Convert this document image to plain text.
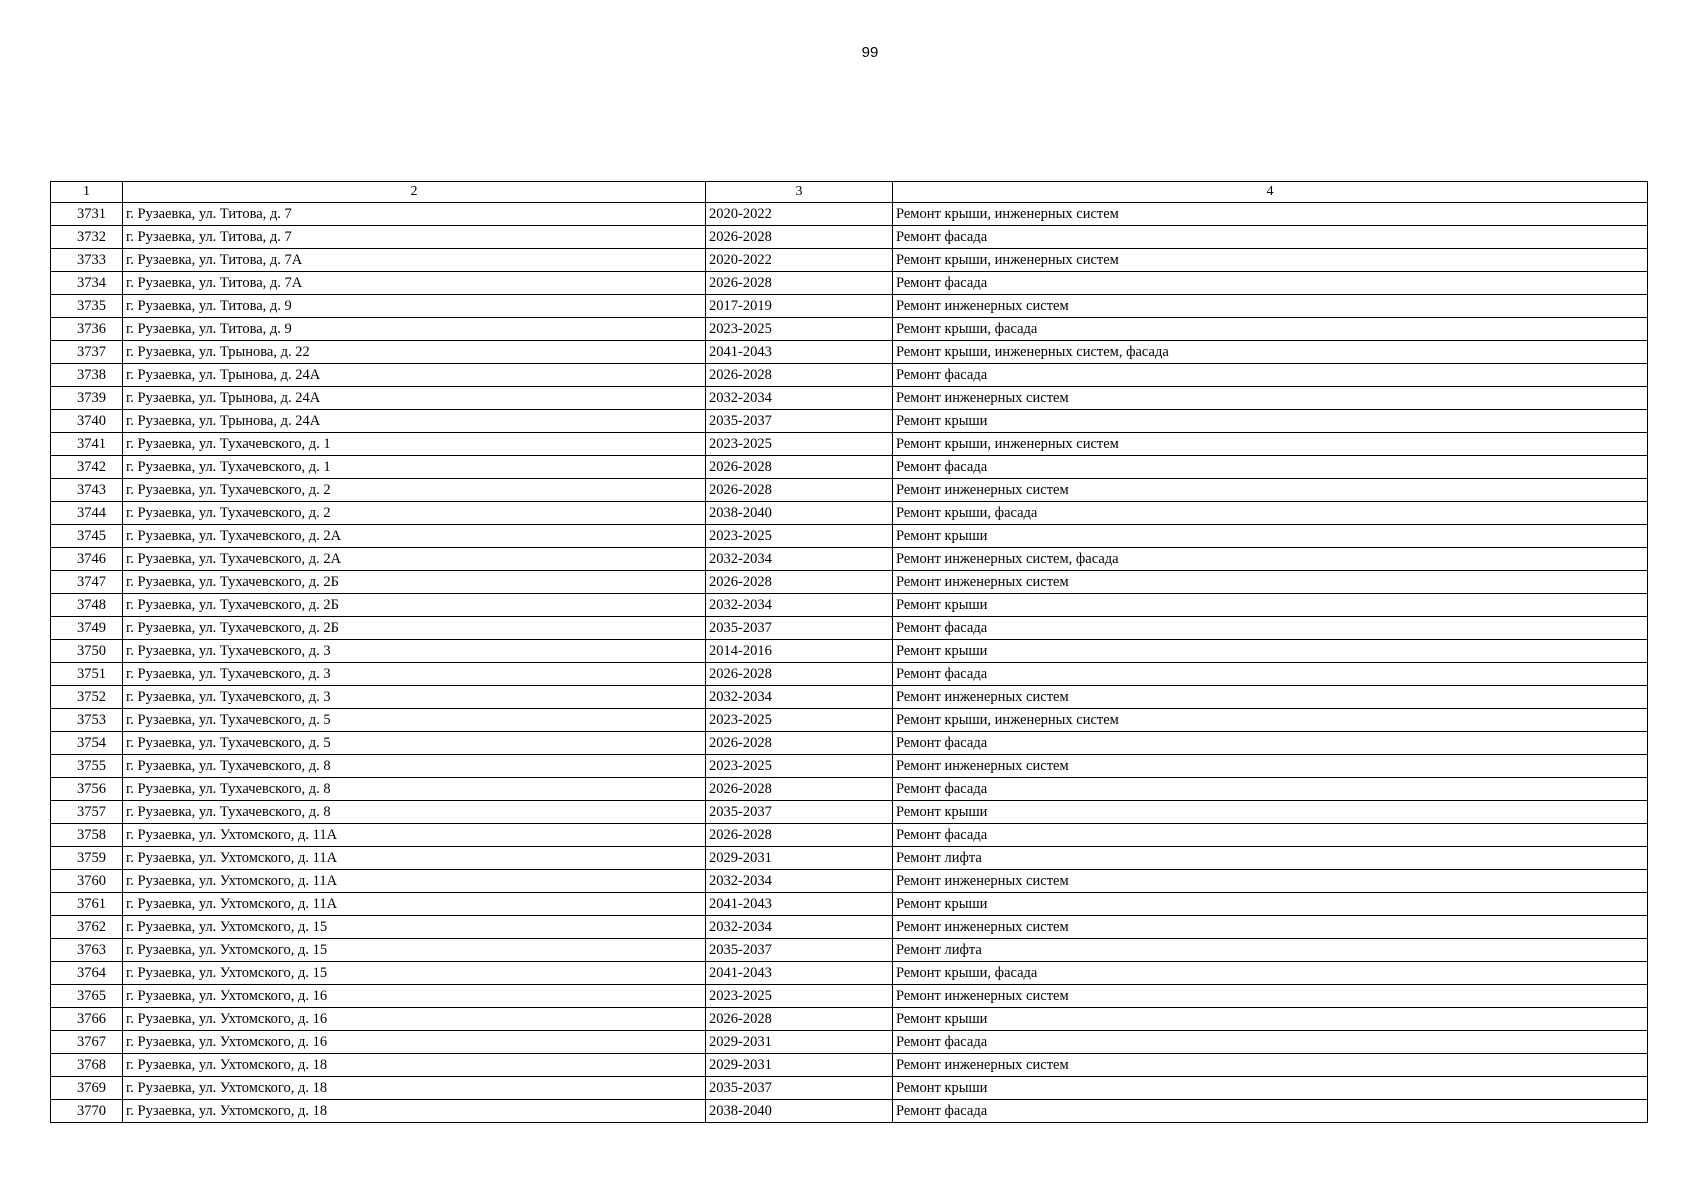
99
1	2	3	4
3731	г. Рузаевка, ул. Титова, д. 7	2020-2022	Ремонт крыши, инженерных систем
3732	г. Рузаевка, ул. Титова, д. 7	2026-2028	Ремонт фасада
3733	г. Рузаевка, ул. Титова, д. 7А	2020-2022	Ремонт крыши, инженерных систем
3734	г. Рузаевка, ул. Титова, д. 7А	2026-2028	Ремонт фасада
3735	г. Рузаевка, ул. Титова, д. 9	2017-2019	Ремонт инженерных систем
3736	г. Рузаевка, ул. Титова, д. 9	2023-2025	Ремонт крыши, фасада
3737	г. Рузаевка, ул. Трынова, д. 22	2041-2043	Ремонт крыши, инженерных систем, фасада
3738	г. Рузаевка, ул. Трынова, д. 24А	2026-2028	Ремонт фасада
3739	г. Рузаевка, ул. Трынова, д. 24А	2032-2034	Ремонт инженерных систем
3740	г. Рузаевка, ул. Трынова, д. 24А	2035-2037	Ремонт крыши
3741	г. Рузаевка, ул. Тухачевского, д. 1	2023-2025	Ремонт крыши, инженерных систем
3742	г. Рузаевка, ул. Тухачевского, д. 1	2026-2028	Ремонт фасада
3743	г. Рузаевка, ул. Тухачевского, д. 2	2026-2028	Ремонт инженерных систем
3744	г. Рузаевка, ул. Тухачевского, д. 2	2038-2040	Ремонт крыши, фасада
3745	г. Рузаевка, ул. Тухачевского, д. 2А	2023-2025	Ремонт крыши
3746	г. Рузаевка, ул. Тухачевского, д. 2А	2032-2034	Ремонт инженерных систем, фасада
3747	г. Рузаевка, ул. Тухачевского, д. 2Б	2026-2028	Ремонт инженерных систем
3748	г. Рузаевка, ул. Тухачевского, д. 2Б	2032-2034	Ремонт крыши
3749	г. Рузаевка, ул. Тухачевского, д. 2Б	2035-2037	Ремонт фасада
3750	г. Рузаевка, ул. Тухачевского, д. 3	2014-2016	Ремонт крыши
3751	г. Рузаевка, ул. Тухачевского, д. 3	2026-2028	Ремонт фасада
3752	г. Рузаевка, ул. Тухачевского, д. 3	2032-2034	Ремонт инженерных систем
3753	г. Рузаевка, ул. Тухачевского, д. 5	2023-2025	Ремонт крыши, инженерных систем
3754	г. Рузаевка, ул. Тухачевского, д. 5	2026-2028	Ремонт фасада
3755	г. Рузаевка, ул. Тухачевского, д. 8	2023-2025	Ремонт инженерных систем
3756	г. Рузаевка, ул. Тухачевского, д. 8	2026-2028	Ремонт фасада
3757	г. Рузаевка, ул. Тухачевского, д. 8	2035-2037	Ремонт крыши
3758	г. Рузаевка, ул. Ухтомского, д. 11А	2026-2028	Ремонт фасада
3759	г. Рузаевка, ул. Ухтомского, д. 11А	2029-2031	Ремонт лифта
3760	г. Рузаевка, ул. Ухтомского, д. 11А	2032-2034	Ремонт инженерных систем
3761	г. Рузаевка, ул. Ухтомского, д. 11А	2041-2043	Ремонт крыши
3762	г. Рузаевка, ул. Ухтомского, д. 15	2032-2034	Ремонт инженерных систем
3763	г. Рузаевка, ул. Ухтомского, д. 15	2035-2037	Ремонт лифта
3764	г. Рузаевка, ул. Ухтомского, д. 15	2041-2043	Ремонт крыши, фасада
3765	г. Рузаевка, ул. Ухтомского, д. 16	2023-2025	Ремонт инженерных систем
3766	г. Рузаевка, ул. Ухтомского, д. 16	2026-2028	Ремонт крыши
3767	г. Рузаевка, ул. Ухтомского, д. 16	2029-2031	Ремонт фасада
3768	г. Рузаевка, ул. Ухтомского, д. 18	2029-2031	Ремонт инженерных систем
3769	г. Рузаевка, ул. Ухтомского, д. 18	2035-2037	Ремонт крыши
3770	г. Рузаевка, ул. Ухтомского, д. 18	2038-2040	Ремонт фасада
